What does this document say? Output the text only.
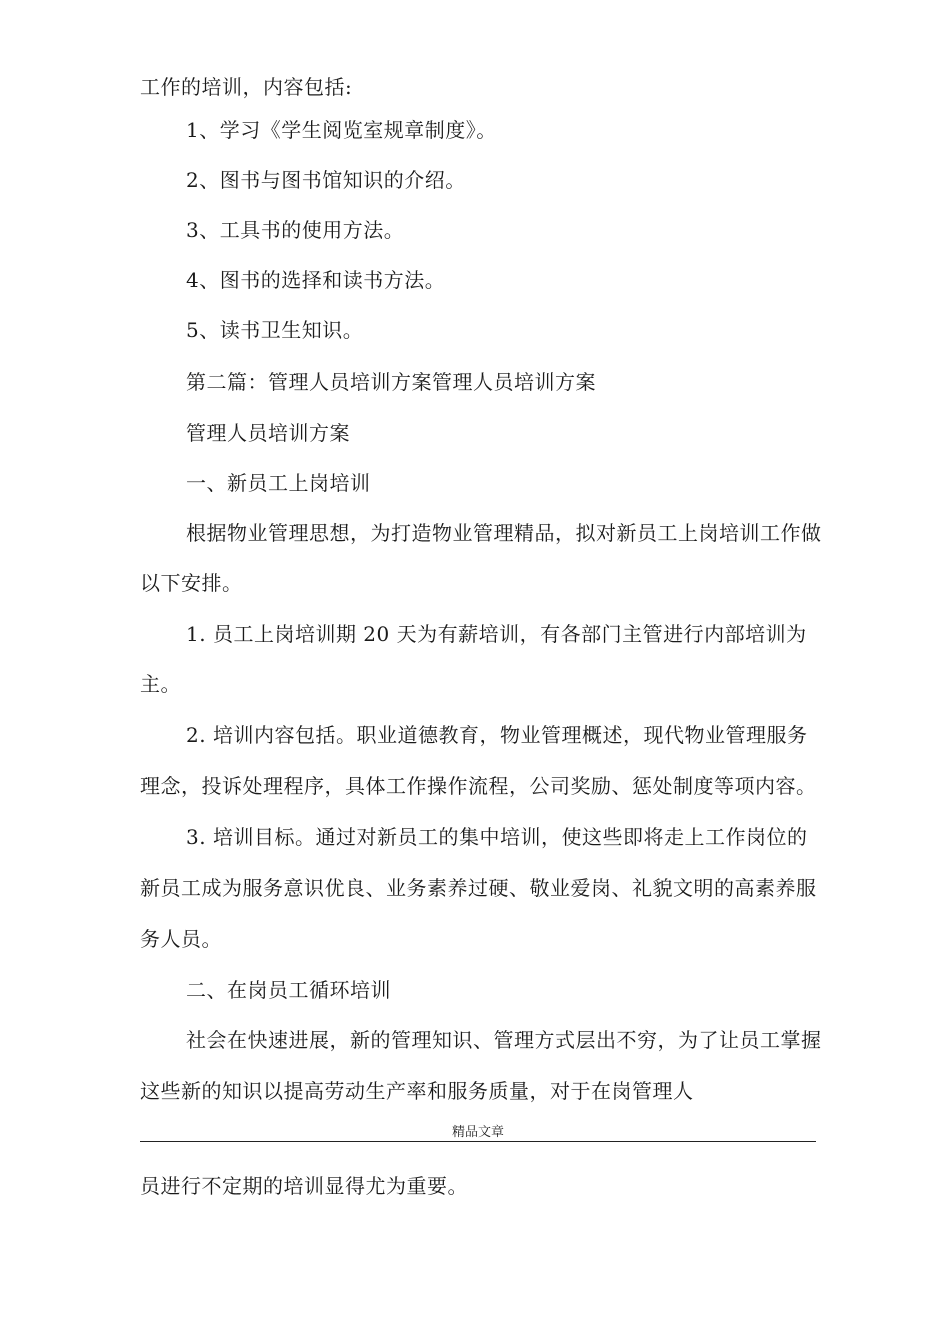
工作的培训，内容包括:
1、学习《学生阅览室规章制度》。
2、图书与图书馆知识的介绍。
3、工具书的使用方法。
4、图书的选择和读书方法。
5、读书卫生知识。
第二篇：管理人员培训方案管理人员培训方案
管理人员培训方案
一、新员工上岗培训
根据物业管理思想，为打造物业管理精品，拟对新员工上岗培训工作做
以下安排。
1. 员工上岗培训期 20 天为有薪培训，有各部门主管进行内部培训为
主。
2. 培训内容包括。职业道德教育，物业管理概述，现代物业管理服务
理念，投诉处理程序，具体工作操作流程，公司奖励、惩处制度等项内容。
3. 培训目标。通过对新员工的集中培训，使这些即将走上工作岗位的
新员工成为服务意识优良、业务素养过硬、敬业爱岗、礼貌文明的高素养服
务人员。
二、在岗员工循环培训
社会在快速进展，新的管理知识、管理方式层出不穷，为了让员工掌握
这些新的知识以提高劳动生产率和服务质量，对于在岗管理人
精品文章
员进行不定期的培训显得尤为重要。
